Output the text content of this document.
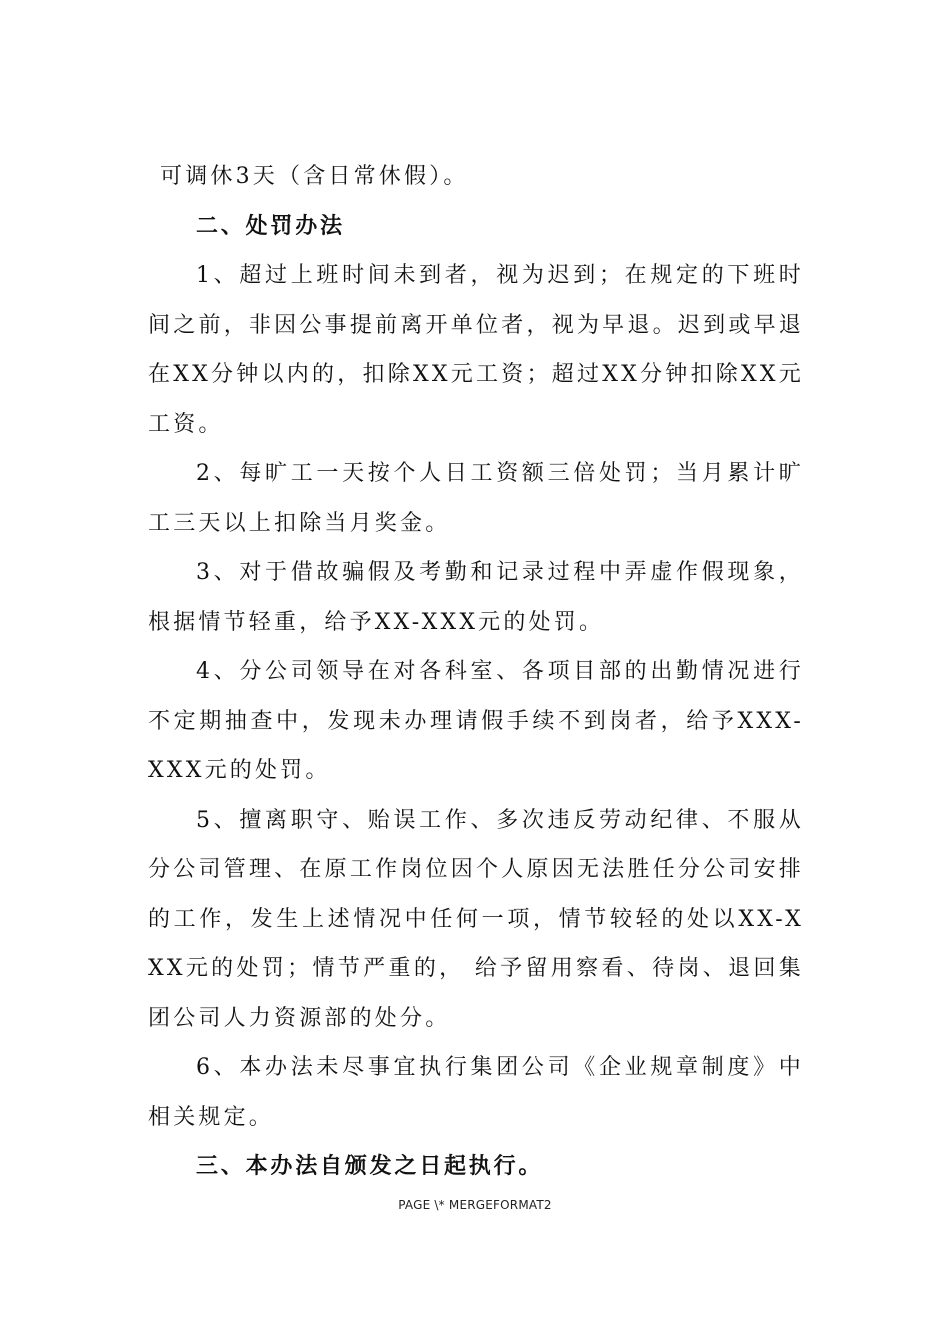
可调休3天（含日常休假）。

二、处罚办法

1、超过上班时间未到者，视为迟到；在规定的下班时间之前，非因公事提前离开单位者，视为早退。迟到或早退在XX分钟以内的，扣除XX元工资；超过XX分钟扣除XX元工资。

2、每旷工一天按个人日工资额三倍处罚；当月累计旷工三天以上扣除当月奖金。

3、对于借故骗假及考勤和记录过程中弄虚作假现象，根据情节轻重，给予XX-XXX元的处罚。

4、分公司领导在对各科室、各项目部的出勤情况进行不定期抽查中，发现未办理请假手续不到岗者，给予XXX-XXX元的处罚。

5、擅离职守、贻误工作、多次违反劳动纪律、不服从分公司管理、在原工作岗位因个人原因无法胜任分公司安排的工作，发生上述情况中任何一项，情节较轻的处以XX-XXX元的处罚；情节严重的， 给予留用察看、待岗、退回集团公司人力资源部的处分。

6、本办法未尽事宜执行集团公司《企业规章制度》中相关规定。

三、本办法自颁发之日起执行。

PAGE \* MERGEFORMAT2
